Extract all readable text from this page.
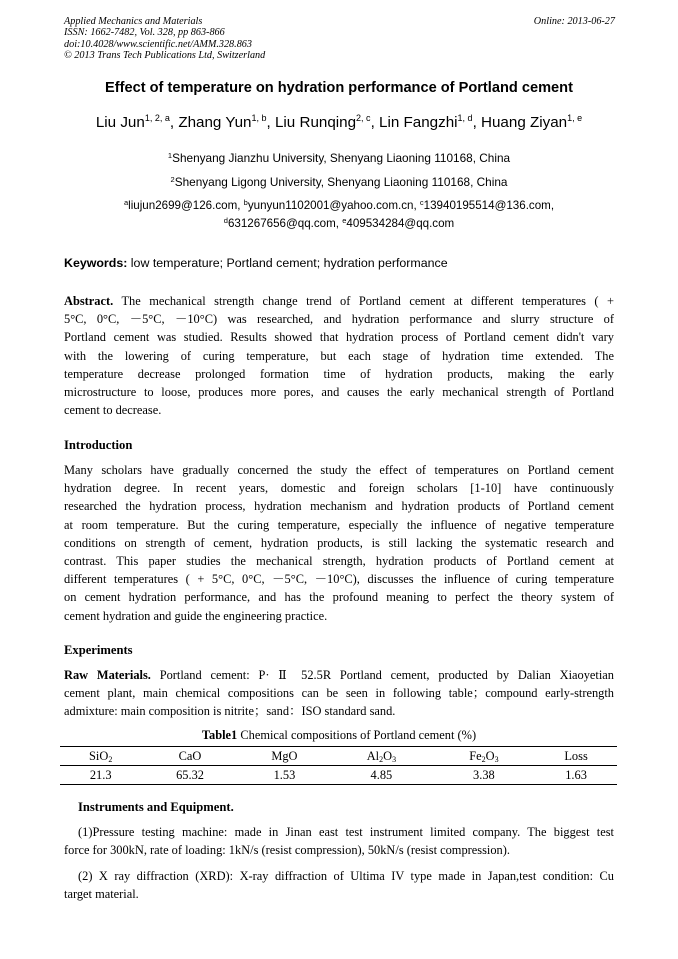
Applied Mechanics and Materials
ISSN: 1662-7482, Vol. 328, pp 863-866
doi:10.4028/www.scientific.net/AMM.328.863
© 2013 Trans Tech Publications Ltd, Switzerland
Online: 2013-06-27
Effect of temperature on hydration performance of Portland cement
Liu Jun$^{1, 2, a}$, Zhang Yun$^{1, b}$, Liu Runqing$^{2, c}$, Lin Fangzhi$^{1, d}$, Huang Ziyan$^{1, e}$
$^1$Shenyang Jianzhu University, Shenyang Liaoning 110168, China
$^2$Shenyang Ligong University, Shenyang Liaoning 110168, China
$^a$liujun2699@126.com, $^b$yunyun1102001@yahoo.com.cn, $^c$13940195514@136.com,
$^d$631267656@qq.com, $^e$409534284@qq.com
Keywords: low temperature; Portland cement; hydration performance
Abstract. The mechanical strength change trend of Portland cement at different temperatures ( +
5°C, 0°C, －5°C, －10°C) was researched, and hydration performance and slurry structure of
Portland cement was studied. Results showed that hydration process of Portland cement didn't vary
with the lowering of curing temperature, but each stage of hydration time extended. The
temperature decrease prolonged formation time of hydration products, making the early
microstructure to loose, produces more pores, and causes the early mechanical strength of Portland
cement to decrease.
Introduction
Many scholars have gradually concerned the study the effect of temperatures on Portland cement
hydration degree. In recent years, domestic and foreign scholars [1-10] have continuously
researched the hydration process, hydration mechanism and hydration products of Portland cement
at room temperature. But the curing temperature, especially the influence of negative temperature
conditions on strength of cement, hydration products, is still lacking the systematic research and
contrast. This paper studies the mechanical strength, hydration products of Portland cement at
different temperatures ( + 5°C, 0°C, －5°C, －10°C), discusses the influence of curing temperature
on cement hydration performance, and has the profound meaning to perfect the theory system of
cement hydration and guide the engineering practice.
Experiments
Raw Materials. Portland cement: P· Ⅱ 52.5R Portland cement, producted by Dalian Xiaoyetian
cement plant, main chemical compositions can be seen in following table；compound early-strength
admixture: main composition is nitrite；sand：ISO standard sand.
Table1 Chemical compositions of Portland cement (%)
SiO$_2$	CaO	MgO	$Al_2O_3$	$Fe_2O_3$	Loss
21.3	65.32	1.53	4.85	3.38	1.63
Instruments and Equipment.
(1)Pressure testing machine: made in Jinan east test instrument limited company. The biggest test
force for 300kN, rate of loading: 1kN/s (resist compression), 50kN/s (resist compression).
(2) X ray diffraction (XRD): X-ray diffraction of Ultima IV type made in Japan,test condition: Cu
target material.
